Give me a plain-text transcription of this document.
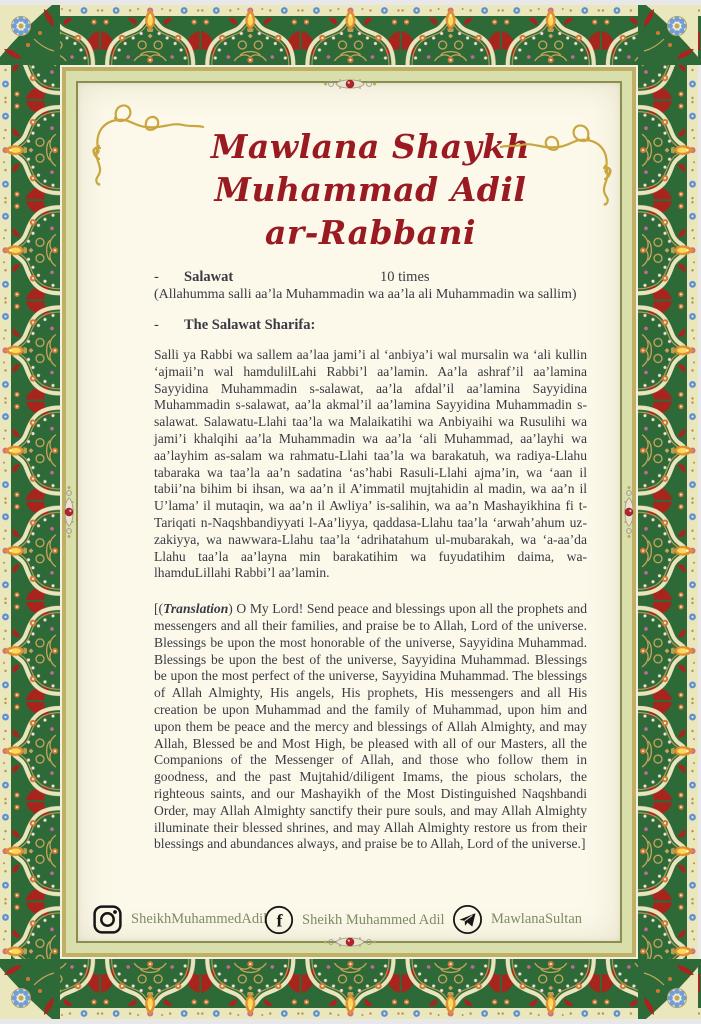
Mawlana Shaykh Muhammad Adil
ar-Rabbani
-	Salawat	10 times

(Allahumma salli aa’la Muhammadin wa aa’la ali Muhammadin wa sallim)

-	The Salawat Sharifa:

Salli ya Rabbi wa sallem aa’laa jami’i al ‘anbiya’i wal mursalin wa ‘ali kullin ‘ajmaii’n wal hamdulilLahi Rabbi’l aa’lamin. Aa’la ashraf’il aa’lamina Sayyidina Muhammadin s-salawat, aa’la afdal’il aa’lamina Sayyidina Muhammadin s-salawat, aa’la akmal’il aa’lamina Sayyidina Muhammadin s-salawat. Salawatu-Llahi taa’la wa Malaikatihi wa Anbiyaihi wa Rusulihi wa jami’i khalqihi aa’la Muhammadin wa aa’la ‘ali Muhammad, aa’layhi wa aa’layhim as-salam wa rahmatu-Llahi taa’la wa barakatuh, wa radiya-Llahu tabaraka wa taa’la aa’n sadatina ‘as’habi Rasuli-Llahi ajma’in, wa ‘aan il tabii’na bihim bi ihsan, wa aa’n il A’immatil mujtahidin al madin, wa aa’n il U’lama’ il mutaqin, wa aa’n il Awliya’ is-salihin, wa aa’n Mashayikhina fi t-Tariqati n-Naqshbandiyyati l-Aa’liyya, qaddasa-Llahu taa’la ‘arwah’ahum uz-zakiyya, wa nawwara-Llahu taa’la ‘adrihatahum ul-mubarakah, wa ‘a-aa’da Llahu taa’la aa’layna min barakatihim wa fuyudatihim daima, wa-lhamduLillahi Rabbi’l aa’lamin.

[(Translation) O My Lord! Send peace and blessings upon all the prophets and messengers and all their families, and praise be to Allah, Lord of the universe. Blessings be upon the most honorable of the universe, Sayyidina Muhammad. Blessings be upon the best of the universe, Sayyidina Muhammad. Blessings be upon the most perfect of the universe, Sayyidina Muhammad. The blessings of Allah Almighty, His angels, His prophets, His messengers and all His creation be upon Muhammad and the family of Muhammad, upon him and upon them be peace and the mercy and blessings of Allah Almighty, and may Allah, Blessed be and Most High, be pleased with all of our Masters, all the Companions of the Messenger of Allah, and those who follow them in goodness, and the past Mujtahid/diligent Imams, the pious scholars, the righteous saints, and our Mashayikh of the Most Distinguished Naqshbandi Order, may Allah Almighty sanctify their pure souls, and may Allah Almighty illuminate their blessed shrines, and may Allah Almighty restore us from their blessings and abundances always, and praise be to Allah, Lord of the universe.]

SheikhMuhammedAdil f Sheikh Muhammed Adil	MawlanaSultan
